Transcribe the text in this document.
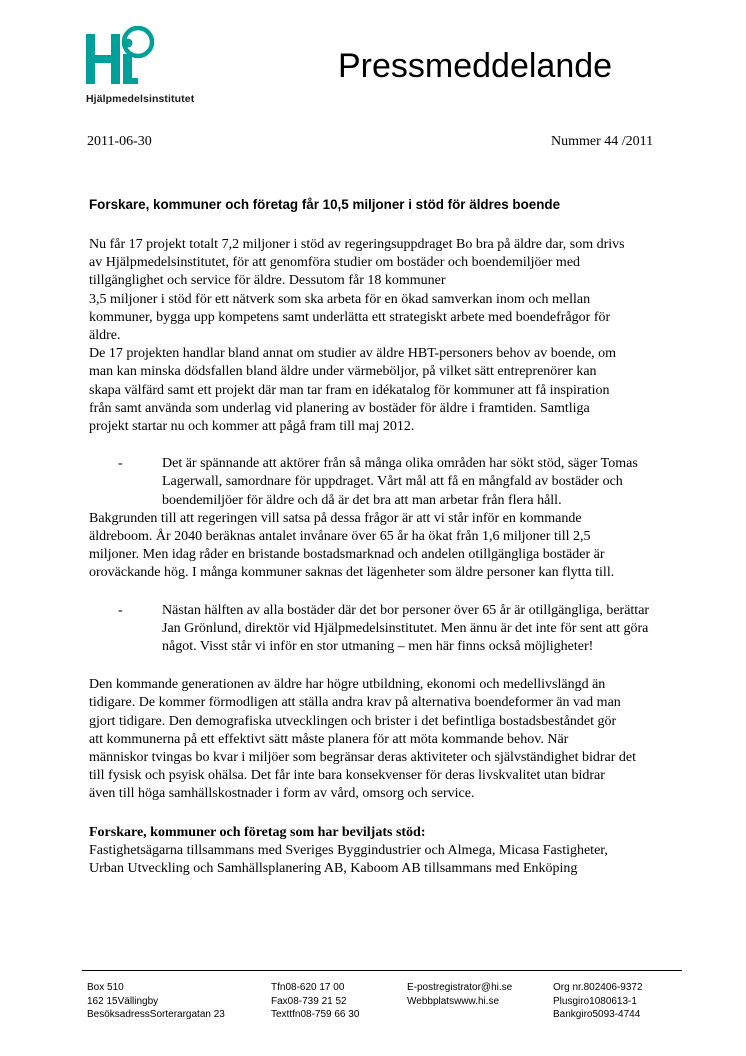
Hjälpmedelsinstitutet
Pressmeddelande
2011-06-30	Nummer 44 /2011
Forskare, kommuner och företag får 10,5 miljoner i stöd för äldres boende

Nu får 17 projekt totalt 7,2 miljoner i stöd av regeringsuppdraget Bo bra på äldre dar, som drivs

av Hjälpmedelsinstitutet, för att genomföra studier om bostäder och boendemiljöer med

tillgänglighet och service för äldre. Dessutom får 18 kommuner

3,5 miljoner i stöd för ett nätverk som ska arbeta för en ökad samverkan inom och mellan

kommuner, bygga upp kompetens samt underlätta ett strategiskt arbete med boendefrågor för

äldre.

De 17 projekten handlar bland annat om studier av äldre HBT-personers behov av boende, om

man kan minska dödsfallen bland äldre under värmeböljor, på vilket sätt entreprenörer kan

skapa välfärd samt ett projekt där man tar fram en idékatalog för kommuner att få inspiration

från samt använda som underlag vid planering av bostäder för äldre i framtiden. Samtliga

projekt startar nu och kommer att pågå fram till maj 2012.

-	Det är spännande att aktörer från så många olika områden har sökt stöd, säger Tomas

Lagerwall, samordnare för uppdraget. Vårt mål att få en mångfald av bostäder och

boendemiljöer för äldre och då är det bra att man arbetar från flera håll.

Bakgrunden till att regeringen vill satsa på dessa frågor är att vi står inför en kommande

äldreboom. År 2040 beräknas antalet invånare över 65 år ha ökat från 1,6 miljoner till 2,5

miljoner. Men idag råder en bristande bostadsmarknad och andelen otillgängliga bostäder är

oroväckande hög. I många kommuner saknas det lägenheter som äldre personer kan flytta till.

-	Nästan hälften av alla bostäder där det bor personer över 65 år är otillgängliga, berättar

Jan Grönlund, direktör vid Hjälpmedelsinstitutet. Men ännu är det inte för sent att göra

något. Visst står vi inför en stor utmaning – men här finns också möjligheter!

Den kommande generationen av äldre har högre utbildning, ekonomi och medellivslängd än

tidigare. De kommer förmodligen att ställa andra krav på alternativa boendeformer än vad man

gjort tidigare. Den demografiska utvecklingen och brister i det befintliga bostadsbeståndet gör

att kommunerna på ett effektivt sätt måste planera för att möta kommande behov. När

människor tvingas bo kvar i miljöer som begränsar deras aktiviteter och självständighet bidrar det

till fysisk och psyisk ohälsa. Det får inte bara konsekvenser för deras livskvalitet utan bidrar

även till höga samhällskostnader i form av vård, omsorg och service.

Forskare, kommuner och företag som har beviljats stöd:

Fastighetsägarna tillsammans med Sveriges Byggindustrier och Almega, Micasa Fastigheter,

Urban Utveckling och Samhällsplanering AB, Kaboom AB tillsammans med Enköping

Box 510
162 15Vällingby
BesöksadressSorterargatan 23
Tfn08-620 17 00
Fax08-739 21 52
Texttfn08-759 66 30
E-postregistrator@hi.se
Webbplatswww.hi.se
Org nr.802406-9372
Plusgiro1080613-1
Bankgiro5093-4744
